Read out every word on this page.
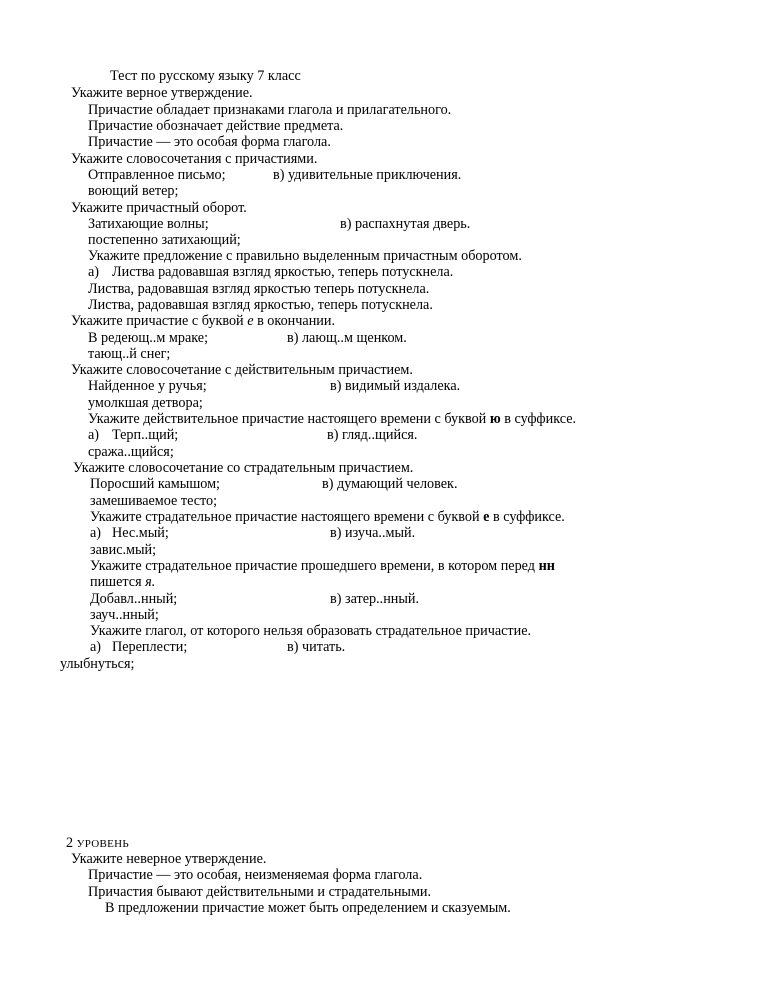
Тест по русскому языку 7 класс
Укажите верное утверждение.
Причастие обладает признаками глагола и прилагательного.
Причастие обозначает действие предмета.
Причастие — это особая форма глагола.
Укажите словосочетания с причастиями.
Отправленное письмо;	в) удивительные приключения.
воющий ветер;
Укажите причастный оборот.
Затихающие волны;	в) распахнутая дверь.
постепенно затихающий;
Укажите предложение с правильно выделенным причастным оборотом.
а) Листва радовавшая взгляд яркостью, теперь потускнела.
Листва, радовавшая взгляд яркостью теперь потускнела.
Листва, радовавшая взгляд яркостью, теперь потускнела.
Укажите причастие с буквой е в окончании.
В редеющ..м мраке;	в) лающ..м щенком.
тающ..й снег;
Укажите словосочетание с действительным причастием.
Найденное у ручья;	в) видимый издалека.
умолкшая детвора;
Укажите действительное причастие настоящего времени с буквой ю в суффиксе.
а) Терп..щий;	в) гляд..щийся.
сража..щийся;
Укажите словосочетание со страдательным причастием.
Поросший камышом;	в) думающий человек.
замешиваемое тесто;
Укажите страдательное причастие настоящего времени с буквой е в суффиксе.
а) Нес.мый;	в) изуча..мый.
завис.мый;
Укажите страдательное причастие прошедшего времени, в котором перед нн
пишется я.
Добавл..нный;	в) затер..нный.
зауч..нный;
Укажите глагол, от которого нельзя образовать страдательное причастие.
а) Переплести;	в) читать.
улыбнуться;
2 УРОВЕНЬ
Укажите неверное утверждение.
Причастие — это особая, неизменяемая форма глагола.
Причастия бывают действительными и страдательными.
В предложении причастие может быть определением и сказуемым.
